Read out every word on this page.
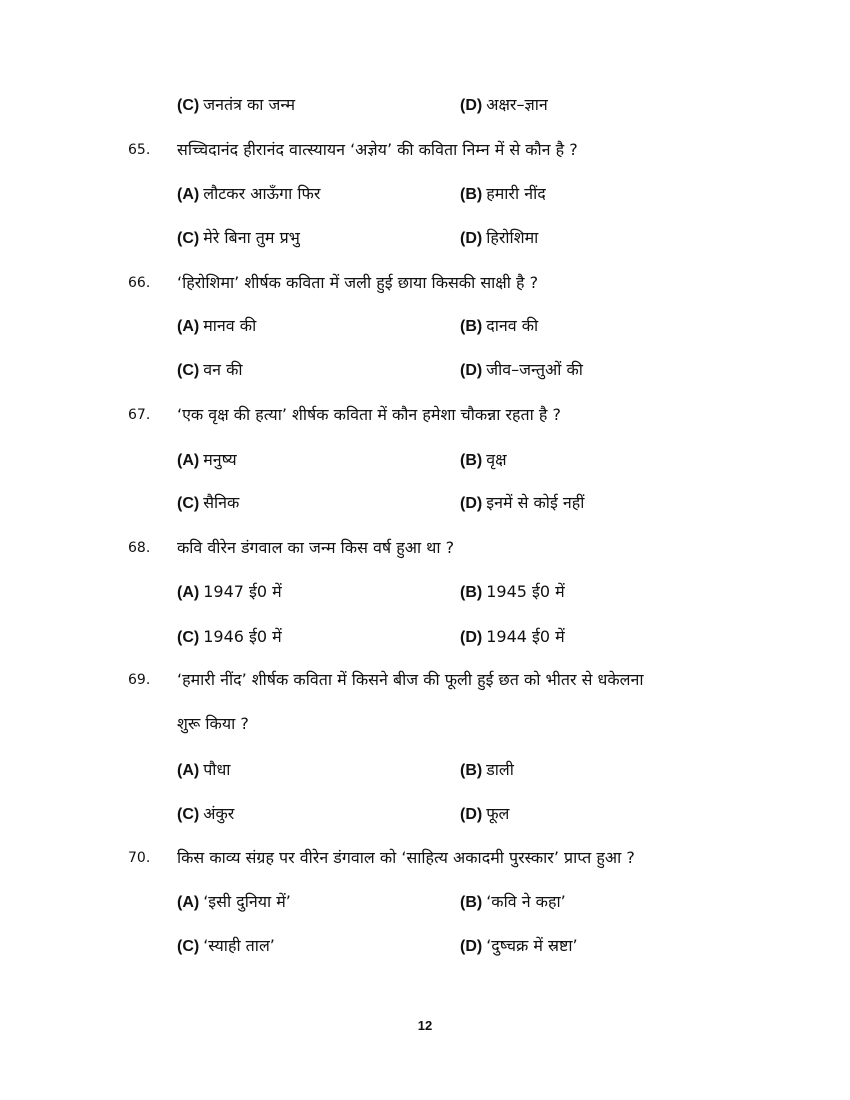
(C) जनतंत्र का जन्म	(D) अक्षर–ज्ञान
65. सच्चिदानंद हीरानंद वात्स्यायन ‘अज्ञेय’ की कविता निम्न में से कौन है ?
(A) लौटकर आऊँगा फिर	(B) हमारी नींद
(C) मेरे बिना तुम प्रभु	(D) हिरोशिमा
66. ‘हिरोशिमा’ शीर्षक कविता में जली हुई छाया किसकी साक्षी है ?
(A) मानव की	(B) दानव की
(C) वन की	(D) जीव–जन्तुओं की
67. ‘एक वृक्ष की हत्या’ शीर्षक कविता में कौन हमेशा चौकन्ना रहता है ?
(A) मनुष्य	(B) वृक्ष
(C) सैनिक	(D) इनमें से कोई नहीं
68. कवि वीरेन डंगवाल का जन्म किस वर्ष हुआ था ?
(A) 1947 ई0 में	(B) 1945 ई0 में
(C) 1946 ई0 में	(D) 1944 ई0 में
69. ‘हमारी नींद’ शीर्षक कविता में किसने बीज की फूली हुई छत को भीतर से धकेलना
शुरू किया ?
(A) पौधा	(B) डाली
(C) अंकुर	(D) फूल
70. किस काव्य संग्रह पर वीरेन डंगवाल को ‘साहित्य अकादमी पुरस्कार’ प्राप्त हुआ ?
(A) ‘इसी दुनिया में’	(B) ‘कवि ने कहा’
(C) ‘स्याही ताल’	(D) ‘दुष्चक्र में स्रष्टा’
12
